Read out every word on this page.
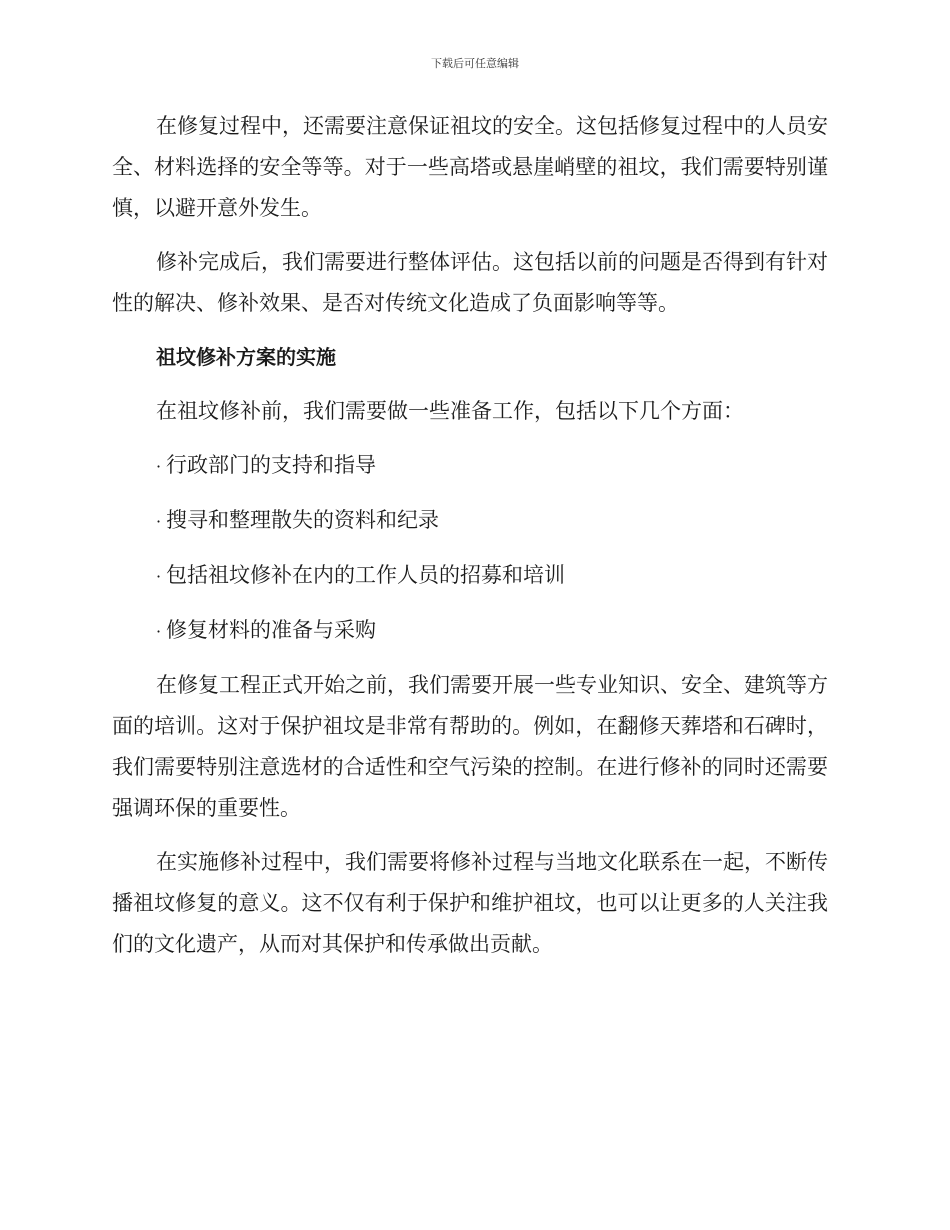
下载后可任意编辑

在修复过程中，还需要注意保证祖坟的安全。这包括修复过程中的人员安全、材料选择的安全等等。对于一些高塔或悬崖峭壁的祖坟，我们需要特别谨慎，以避开意外发生。

修补完成后，我们需要进行整体评估。这包括以前的问题是否得到有针对性的解决、修补效果、是否对传统文化造成了负面影响等等。

祖坟修补方案的实施

在祖坟修补前，我们需要做一些准备工作，包括以下几个方面：

· 行政部门的支持和指导
· 搜寻和整理散失的资料和纪录
· 包括祖坟修补在内的工作人员的招募和培训
· 修复材料的准备与采购

在修复工程正式开始之前，我们需要开展一些专业知识、安全、建筑等方面的培训。这对于保护祖坟是非常有帮助的。例如，在翻修天葬塔和石碑时，我们需要特别注意选材的合适性和空气污染的控制。在进行修补的同时还需要强调环保的重要性。

在实施修补过程中，我们需要将修补过程与当地文化联系在一起，不断传播祖坟修复的意义。这不仅有利于保护和维护祖坟，也可以让更多的人关注我们的文化遗产，从而对其保护和传承做出贡献。
